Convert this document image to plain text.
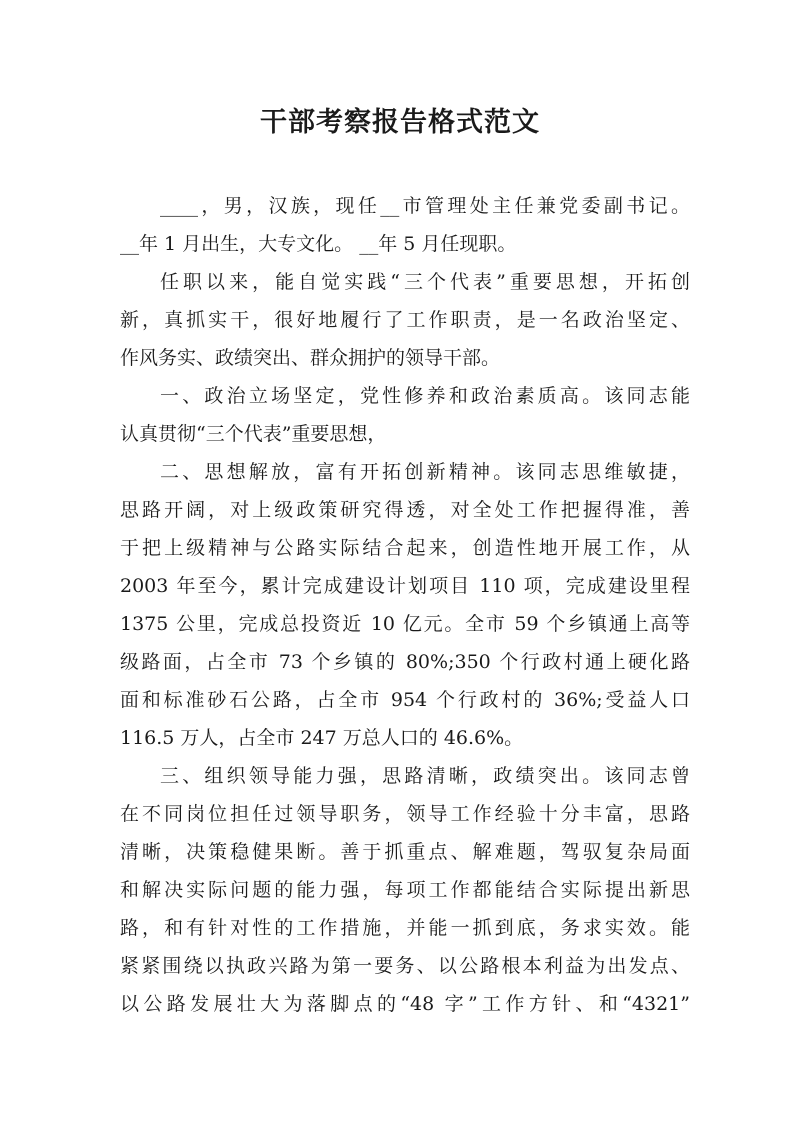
干部考察报告格式范文
____，男，汉族，现任__市管理处主任兼党委副书记。
__年 1 月出生，大专文化。 __年 5 月任现职。
任职以来，能自觉实践“三个代表”重要思想，开拓创
新，真抓实干，很好地履行了工作职责，是一名政治坚定、
作风务实、政绩突出、群众拥护的领导干部。
一、政治立场坚定，党性修养和政治素质高。该同志能
认真贯彻“三个代表”重要思想，
二、思想解放，富有开拓创新精神。该同志思维敏捷，
思路开阔，对上级政策研究得透，对全处工作把握得准，善
于把上级精神与公路实际结合起来，创造性地开展工作，从
2003 年至今，累计完成建设计划项目 110 项，完成建设里程
1375 公里，完成总投资近 10 亿元。全市 59 个乡镇通上高等
级路面，占全市 73 个乡镇的 80%;350 个行政村通上硬化路
面和标准砂石公路，占全市 954 个行政村的 36%;受益人口
116.5 万人，占全市 247 万总人口的 46.6%。
三、组织领导能力强，思路清晰，政绩突出。该同志曾
在不同岗位担任过领导职务，领导工作经验十分丰富，思路
清晰，决策稳健果断。善于抓重点、解难题，驾驭复杂局面
和解决实际问题的能力强，每项工作都能结合实际提出新思
路，和有针对性的工作措施，并能一抓到底，务求实效。能
紧紧围绕以执政兴路为第一要务、以公路根本利益为出发点、
以公路发展壮大为落脚点的“48 字”工作方针、和“4321”
